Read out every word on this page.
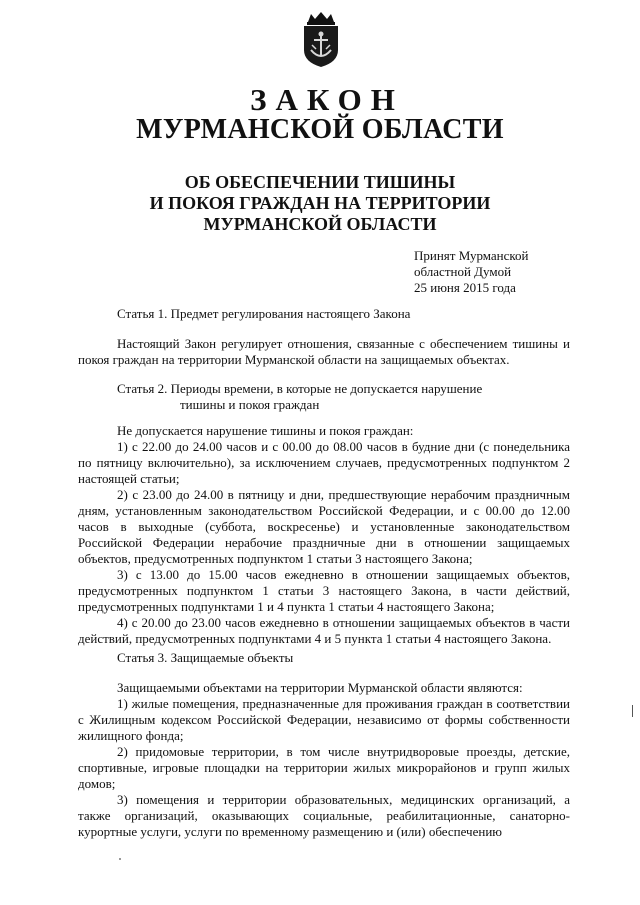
ЗАКОН
МУРМАНСКОЙ ОБЛАСТИ
ОБ ОБЕСПЕЧЕНИИ ТИШИНЫ
И ПОКОЯ ГРАЖДАН НА ТЕРРИТОРИИ
МУРМАНСКОЙ ОБЛАСТИ
Принят Мурманской
областной Думой
25 июня 2015 года
Статья 1. Предмет регулирования настоящего Закона

Настоящий Закон регулирует отношения, связанные с обеспечением тишины и покоя граждан на территории Мурманской области на защищаемых объектах.

Статья 2. Периоды времени, в которые не допускается нарушение
тишины и покоя граждан

Не допускается нарушение тишины и покоя граждан:

1) с 22.00 до 24.00 часов и с 00.00 до 08.00 часов в будние дни (с понедельника по пятницу включительно), за исключением случаев, предусмотренных подпунктом 2 настоящей статьи;

2) с 23.00 до 24.00 в пятницу и дни, предшествующие нерабочим праздничным дням, установленным законодательством Российской Федерации, и с 00.00 до 12.00 часов в выходные (суббота, воскресенье) и установленные законодательством Российской Федерации нерабочие праздничные дни в отношении защищаемых объектов, предусмотренных подпунктом 1 статьи 3 настоящего Закона;

3) с 13.00 до 15.00 часов ежедневно в отношении защищаемых объектов, предусмотренных подпунктом 1 статьи 3 настоящего Закона, в части действий, предусмотренных подпунктами 1 и 4 пункта 1 статьи 4 настоящего Закона;

4) с 20.00 до 23.00 часов ежедневно в отношении защищаемых объектов в части действий, предусмотренных подпунктами 4 и 5 пункта 1 статьи 4 настоящего Закона.

Статья 3. Защищаемые объекты

Защищаемыми объектами на территории Мурманской области являются:

1) жилые помещения, предназначенные для проживания граждан в соответствии с Жилищным кодексом Российской Федерации, независимо от формы собственности жилищного фонда;

2) придомовые территории, в том числе внутридворовые проезды, детские, спортивные, игровые площадки на территории жилых микрорайонов и групп жилых домов;

3) помещения и территории образовательных, медицинских организаций, а также организаций, оказывающих социальные, реабилитационные, санаторно-курортные услуги, услуги по временному размещению и (или) обеспечению
